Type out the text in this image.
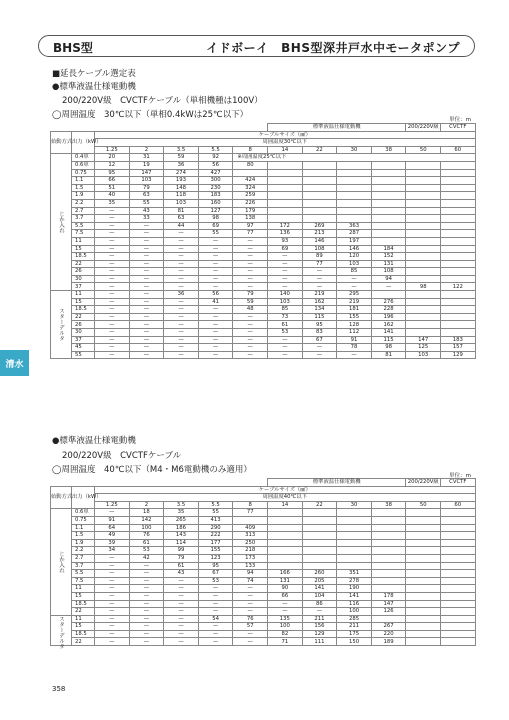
BHS型	イドボーイ　BHS型深井戸水中モータポンプ
■延長ケーブル選定表
●標準液温仕様電動機
200/220V級　CVCTFケーブル（単相機種は100V）
◯周囲温度　30℃以下（単相0.4kWは25℃以下）	単位：m
							標準液温仕様電動機				200/220V級	CVCTF	
始動方式	出力（kW）	ケーブルサイズ（㎟）											
		周囲温度30℃以下											
		1.25	2	3.5	5.5	8	14	22	30	38	50	60	
じか入れ	0.4単	20	31	59	92	※周囲温度25℃以下							
	0.6単	12	19	36	56	80							
	0.75	95	147	274	427								
	1.1	66	103	193	300	424							
	1.5	51	79	148	230	324							
	1.9	40	63	118	183	259							
	2.2	35	55	103	160	226							
	2.7	—	43	81	127	179							
	3.7	—	33	63	98	138							
	5.5	—	—	44	69	97	172	269	363				
	7.5	—	—	—	55	77	136	213	287				
	11	—	—	—	—	—	93	146	197				
	15	—	—	—	—	—	69	108	146	184			
	18.5	—	—	—	—	—	—	89	120	152			
	22	—	—	—	—	—	—	77	103	131			
	26	—	—	—	—	—	—	—	85	108			
	30	—	—	—	—	—	—	—	—	94			
	37	—	—	—	—	—	—	—	—	—	98	122	
スターデルタ	11	—	—	36	56	79	140	219	295				
	15	—	—	—	41	59	103	162	219	276			
	18.5	—	—	—	—	48	85	134	181	228			
	22	—	—	—	—	—	73	115	155	196			
	26	—	—	—	—	—	61	95	128	162			
	30	—	—	—	—	—	53	83	112	141			
	37	—	—	—	—	—	—	67	91	115	147	183	
	45	—	—	—	—	—	—	—	78	98	125	157	
	55	—	—	—	—	—	—	—	—	81	103	129	
清水
●標準液温仕様電動機
200/220V級　CVCTFケーブル
◯周囲温度　40℃以下（M4・M6電動機のみ適用）
単位：m
							標準液温仕様電動機				200/220V級	CVCTF	
始動方式	出力（kW）	ケーブルサイズ（㎟）											
		周囲温度40℃以下											
		1.25	2	3.5	5.5	8	14	22	30	38	50	60	
じか入れ	0.6単	—	18	35	55	77							
	0.75	91	142	265	413								
	1.1	64	100	186	290	409							
	1.5	49	76	143	222	313							
	1.9	39	61	114	177	250							
	2.2	34	53	99	155	218							
	2.7	—	42	79	123	173							
	3.7	—	—	61	95	133							
	5.5	—	—	43	67	94	166	260	351				
	7.5	—	—	—	53	74	131	205	278				
	11	—	—	—	—	—	90	141	190				
	15	—	—	—	—	—	66	104	141	178			
	18.5	—	—	—	—	—	—	86	116	147			
	22	—	—	—	—	—	—	—	100	126			
スターデルタ	11	—	—	—	54	76	135	211	285				
	15	—	—	—	—	57	100	156	211	267			
	18.5	—	—	—	—	—	82	129	175	220			
	22	—	—	—	—	—	71	111	150	189			
358
